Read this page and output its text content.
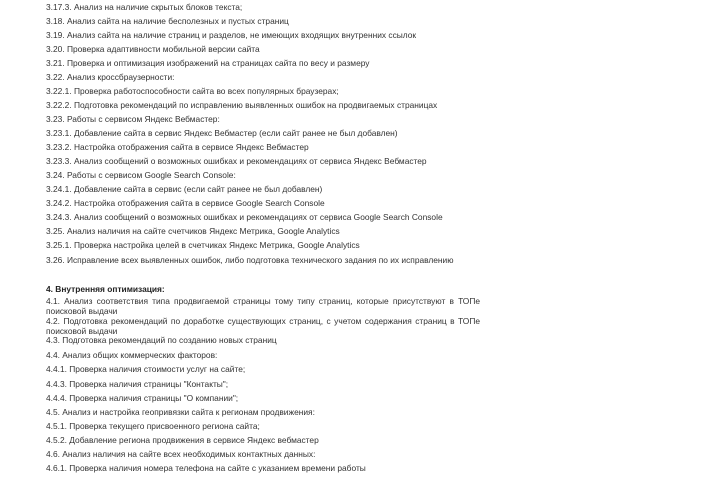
3.17.3. Анализ на наличие скрытых блоков текста;
3.18. Анализ сайта на наличие бесполезных и пустых страниц
3.19. Анализ сайта на наличие страниц и разделов, не имеющих входящих внутренних ссылок
3.20. Проверка адаптивности мобильной версии сайта
3.21. Проверка и оптимизация изображений на страницах сайта по весу и размеру
3.22. Анализ кроссбраузерности:
3.22.1. Проверка работоспособности сайта во всех популярных браузерах;
3.22.2. Подготовка рекомендаций по исправлению выявленных ошибок на продвигаемых страницах
3.23. Работы с сервисом Яндекс Вебмастер:
3.23.1. Добавление сайта в сервис Яндекс Вебмастер (если сайт ранее не был добавлен)
3.23.2. Настройка отображения сайта в сервисе Яндекс Вебмастер
3.23.3. Анализ сообщений о возможных ошибках и рекомендациях от сервиса Яндекс Вебмастер
3.24. Работы с сервисом Google Search Console:
3.24.1. Добавление сайта в сервис (если сайт ранее не был добавлен)
3.24.2. Настройка отображения сайта в сервисе Google Search Console
3.24.3. Анализ сообщений о возможных ошибках и рекомендациях от сервиса Google Search Console
3.25. Анализ наличия на сайте счетчиков Яндекс Метрика, Google Analytics
3.25.1. Проверка настройка целей в счетчиках Яндекс Метрика, Google Analytics
3.26. Исправление всех выявленных ошибок, либо подготовка технического задания по их исправлению
4. Внутренняя оптимизация:
4.1. Анализ соответствия типа продвигаемой страницы тому типу страниц, которые присутствуют в ТОПе поисковой выдачи
4.2. Подготовка рекомендаций по доработке существующих страниц, с учетом содержания страниц в ТОПе поисковой выдачи
4.3. Подготовка рекомендаций по созданию новых страниц
4.4. Анализ общих коммерческих факторов:
4.4.1. Проверка наличия стоимости услуг на сайте;
4.4.3. Проверка наличия страницы "Контакты";
4.4.4. Проверка наличия страницы "О компании";
4.5. Анализ и настройка геопривязки сайта к регионам продвижения:
4.5.1. Проверка текущего присвоенного региона сайта;
4.5.2. Добавление региона продвижения в сервисе Яндекс вебмастер
4.6. Анализ наличия на сайте всех необходимых контактных данных:
4.6.1. Проверка наличия номера телефона на сайте с указанием времени работы
